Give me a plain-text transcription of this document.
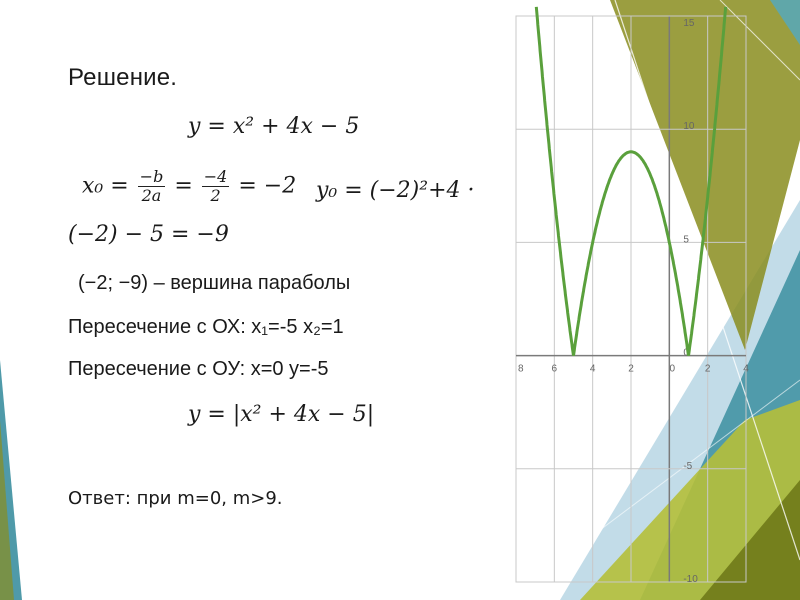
8	6	4	2	0	2	4
-10
-5
0
5
10
15
Решение.
y = x² + 4x − 5
$x_0 = \frac{-b}{2a} = \frac{-4}{2} = -2$ y₀ = (−2)²+4 ·
(−2) − 5 = −9
(−2; −9) – вершина параболы
Пересечение с ОХ: x₁=-5 x₂=1
Пересечение с ОУ: x=0 y=-5
y = |x² + 4x − 5|
Ответ: при m=0, m>9.
